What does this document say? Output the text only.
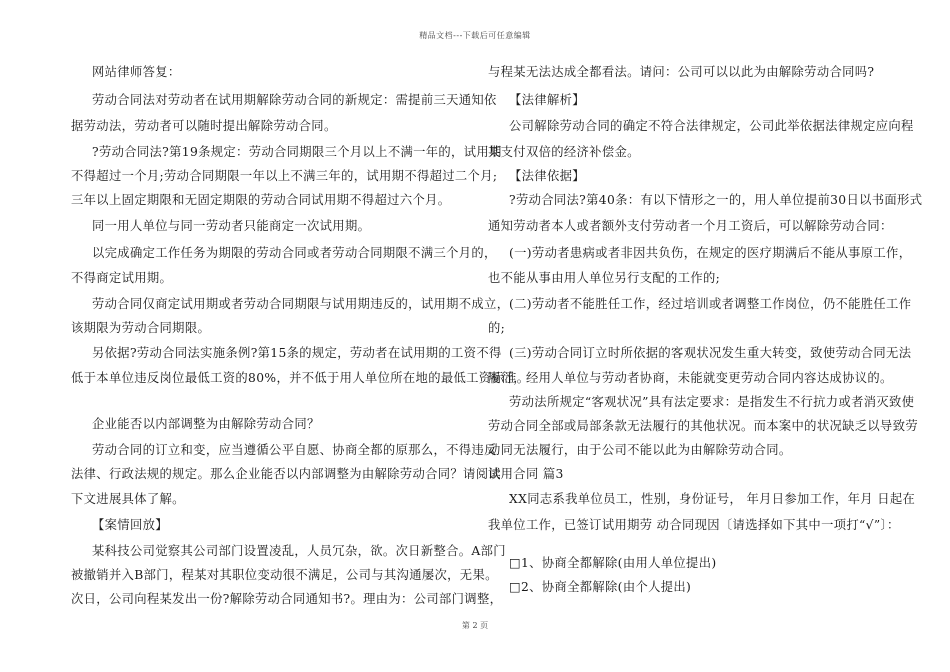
精品文档---下载后可任意编辑
网站律师答复：
劳动合同法对劳动者在试用期解除劳动合同的新规定：需提前三天通知依
据劳动法，劳动者可以随时提出解除劳动合同。
?劳动合同法?第19条规定：劳动合同期限三个月以上不满一年的，试用期
不得超过一个月;劳动合同期限一年以上不满三年的，试用期不得超过二个月;
三年以上固定期限和无固定期限的劳动合同试用期不得超过六个月。
同一用人单位与同一劳动者只能商定一次试用期。
以完成确定工作任务为期限的劳动合同或者劳动合同期限不满三个月的，
不得商定试用期。
劳动合同仅商定试用期或者劳动合同期限与试用期违反的，试用期不成立，
该期限为劳动合同期限。
另依据?劳动合同法实施条例?第15条的规定，劳动者在试用期的工资不得
低于本单位违反岗位最低工资的80%，并不低于用人单位所在地的最低工资标准。
企业能否以内部调整为由解除劳动合同？
劳动合同的订立和变，应当遵循公平自愿、协商全都的原那么，不得违反
法律、行政法规的规定。那么企业能否以内部调整为由解除劳动合同？请阅读
下文进展具体了解。
【案情回放】
某科技公司觉察其公司部门设置凌乱，人员冗杂，欲。次日新整合。A部门
被撤销并入B部门，程某对其职位变动很不满足，公司与其沟通屡次，无果。
次日，公司向程某发出一份?解除劳动合同通知书?。理由为：公司部门调整，
与程某无法达成全都看法。请问：公司可以以此为由解除劳动合同吗?
【法律解析】
公司解除劳动合同的确定不符合法律规定，公司此举依据法律规定应向程
某支付双倍的经济补偿金。
【法律依据】
?劳动合同法?第40条：有以下情形之一的，用人单位提前30日以书面形式
通知劳动者本人或者额外支付劳动者一个月工资后，可以解除劳动合同：
(一)劳动者患病或者非因共负伤，在规定的医疗期满后不能从事原工作，
也不能从事由用人单位另行支配的工作的;
(二)劳动者不能胜任工作，经过培训或者调整工作岗位，仍不能胜任工作
的;
(三)劳动合同订立时所依据的客观状况发生重大转变，致使劳动合同无法
履行，经用人单位与劳动者协商，未能就变更劳动合同内容达成协议的。
劳动法所规定“客观状况”具有法定要求：是指发生不行抗力或者消灭致使
劳动合同全部或局部条款无法履行的其他状况。而本案中的状况缺乏以导致劳
动同无法履行，由于公司不能以此为由解除劳动合同。
试用合同 篇3
XX同志系我单位员工，性别，身份证号， 年月日参加工作，年月 日起在
我单位工作，已签订试用期劳 动合同现因〔请选择如下其中一项打“√”〕：
□1、协商全都解除(由用人单位提出)
□2、协商全都解除(由个人提出)
第 2 页
